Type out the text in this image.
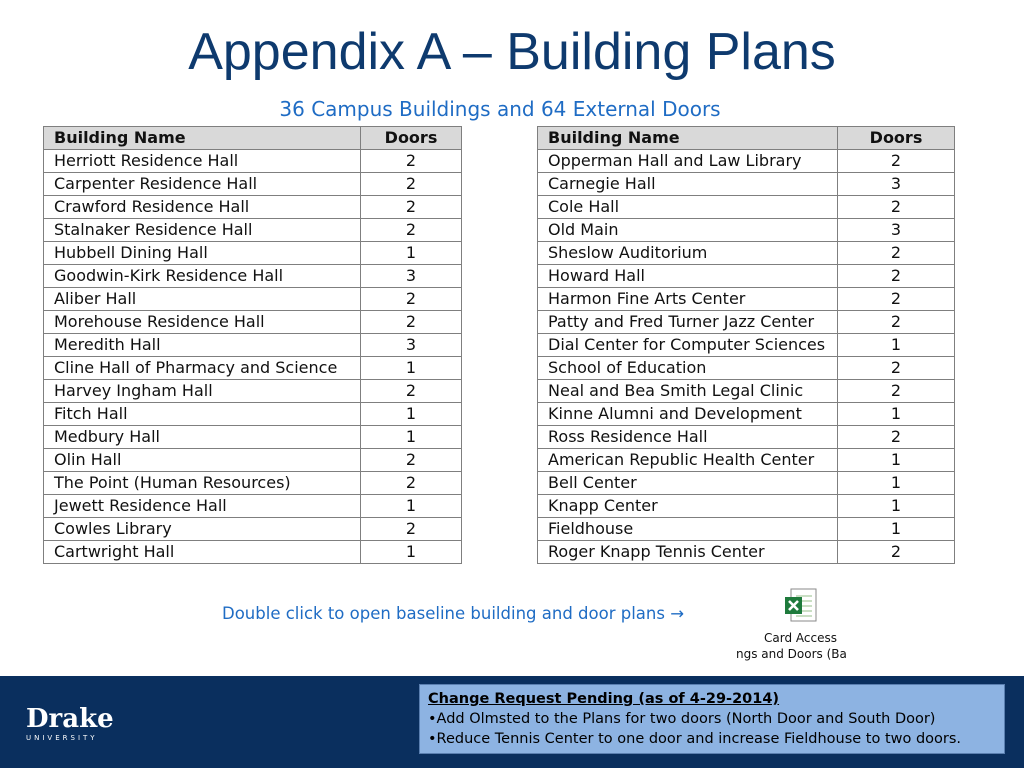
Appendix A – Building Plans
36 Campus Buildings and 64 External Doors
Building Name	Doors
Herriott Residence Hall	2
Carpenter Residence Hall	2
Crawford Residence Hall	2
Stalnaker Residence Hall	2
Hubbell Dining Hall	1
Goodwin-Kirk Residence Hall	3
Aliber Hall	2
Morehouse Residence Hall	2
Meredith Hall	3
Cline Hall of Pharmacy and Science	1
Harvey Ingham Hall	2
Fitch Hall	1
Medbury Hall	1
Olin Hall	2
The Point (Human Resources)	2
Jewett Residence Hall	1
Cowles Library	2
Cartwright Hall	1
Building Name	Doors
Opperman Hall and Law Library	2
Carnegie Hall	3
Cole Hall	2
Old Main	3
Sheslow Auditorium	2
Howard Hall	2
Harmon Fine Arts Center	2
Patty and Fred Turner Jazz Center	2
Dial Center for Computer Sciences	1
School of Education	2
Neal and Bea Smith Legal Clinic	2
Kinne Alumni and Development	1
Ross Residence Hall	2
American Republic Health Center	1
Bell Center	1
Knapp Center	1
Fieldhouse	1
Roger Knapp Tennis Center	2
Double click to open baseline building and door plans →
Card Access
ngs and Doors (Ba
Drake
UNIVERSITY
Change Request Pending (as of 4-29-2014)
•Add Olmsted to the Plans for two doors (North Door and South Door)
•Reduce Tennis Center to one door and increase Fieldhouse to two doors.
